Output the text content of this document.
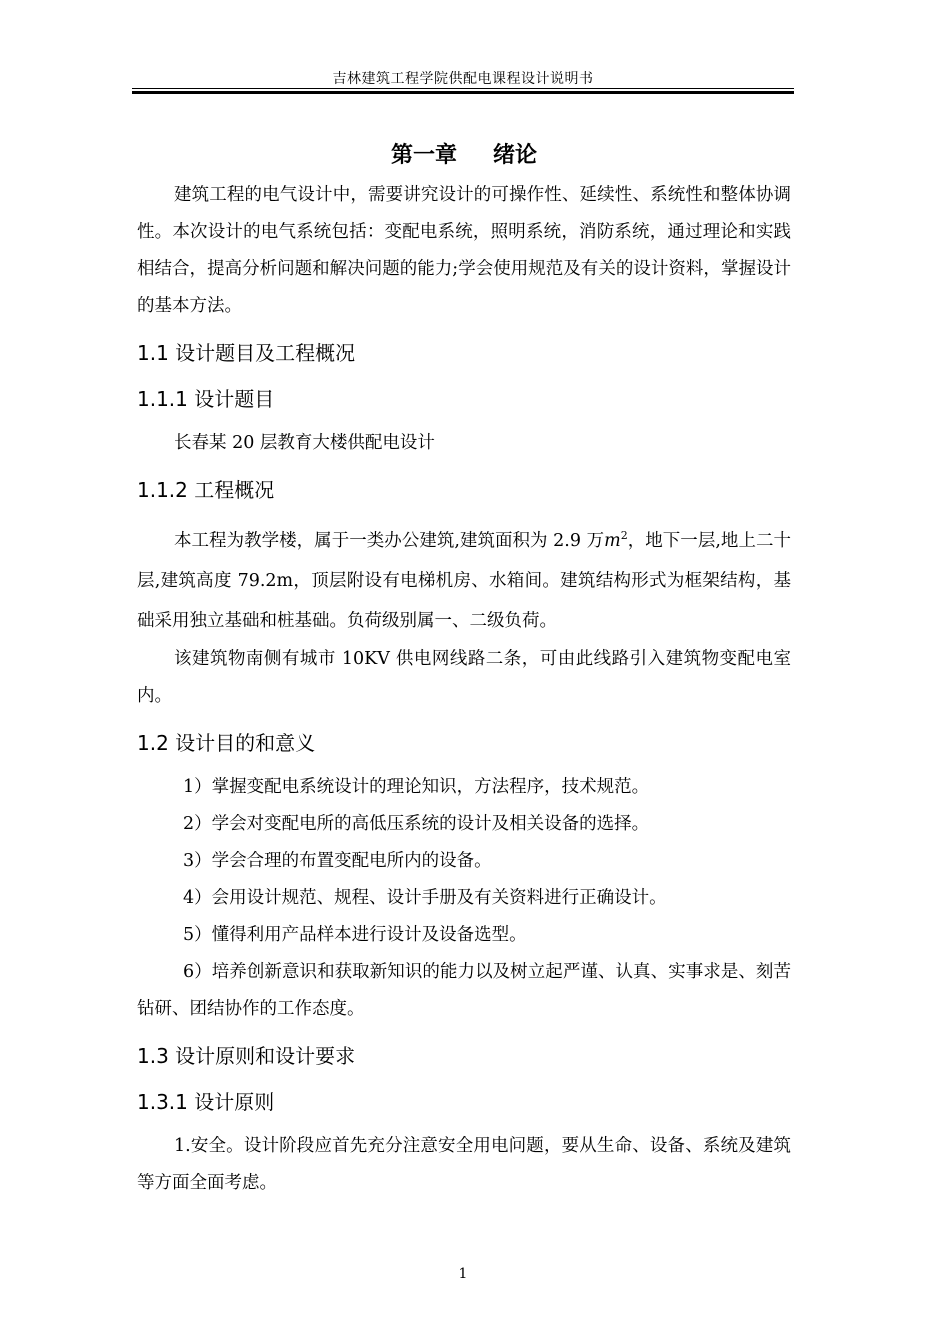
吉林建筑工程学院供配电课程设计说明书
第一章 绪论

建筑工程的电气设计中，需要讲究设计的可操作性、延续性、系统性和整体协调性。本次设计的电气系统包括：变配电系统，照明系统，消防系统，通过理论和实践相结合，提高分析问题和解决问题的能力;学会使用规范及有关的设计资料，掌握设计的基本方法。

1.1 设计题目及工程概况
1.1.1 设计题目

长春某 20 层教育大楼供配电设计

1.1.2 工程概况

本工程为教学楼，属于一类办公建筑,建筑面积为 2.9 万$m^2$，地下一层,地上二十层,建筑高度 79.2m，顶层附设有电梯机房、水箱间。建筑结构形式为框架结构，基础采用独立基础和桩基础。负荷级别属一、二级负荷。

该建筑物南侧有城市 10KV 供电网线路二条，可由此线路引入建筑物变配电室内。

1.2 设计目的和意义

1）掌握变配电系统设计的理论知识，方法程序，技术规范。

2）学会对变配电所的高低压系统的设计及相关设备的选择。

3）学会合理的布置变配电所内的设备。

4）会用设计规范、规程、设计手册及有关资料进行正确设计。

5）懂得利用产品样本进行设计及设备选型。

6）培养创新意识和获取新知识的能力以及树立起严谨、认真、实事求是、刻苦钻研、团结协作的工作态度。

1.3 设计原则和设计要求
1.3.1 设计原则

1.安全。设计阶段应首先充分注意安全用电问题，要从生命、设备、系统及建筑等方面全面考虑。

1
